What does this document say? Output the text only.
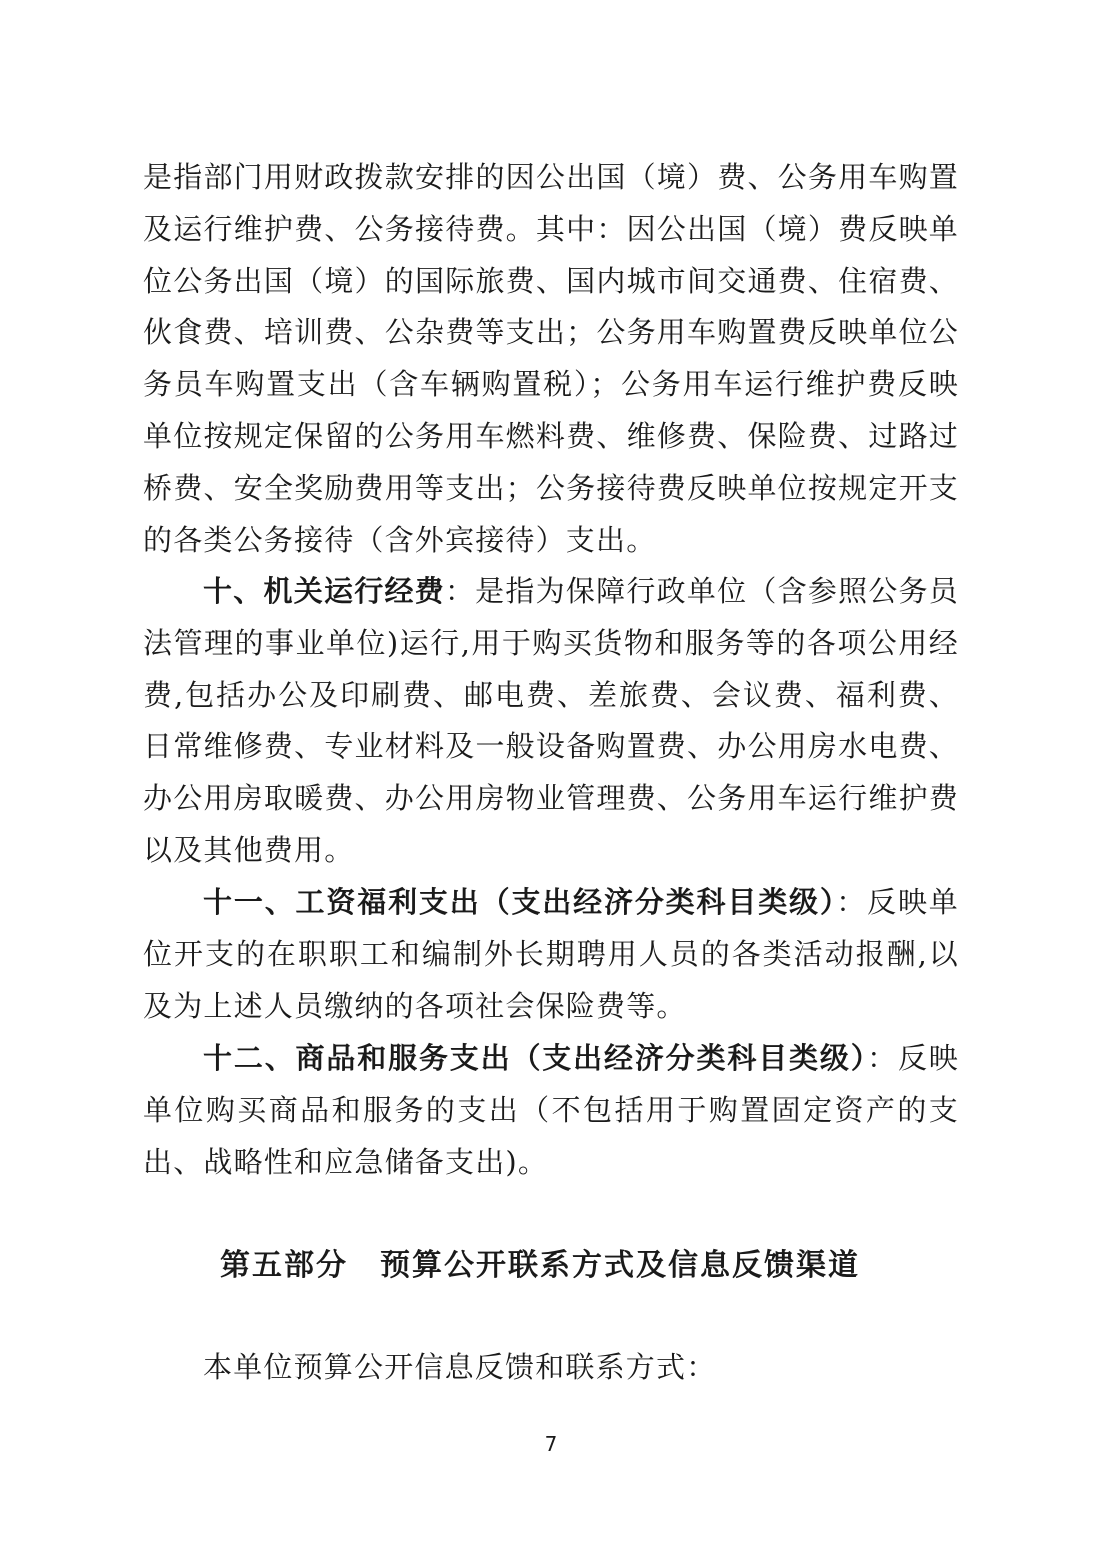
是指部门用财政拨款安排的因公出国（境）费、公务用车购置及运行维护费、公务接待费。其中：因公出国（境）费反映单位公务出国（境）的国际旅费、国内城市间交通费、住宿费、伙食费、培训费、公杂费等支出；公务用车购置费反映单位公务员车购置支出（含车辆购置税）；公务用车运行维护费反映单位按规定保留的公务用车燃料费、维修费、保险费、过路过桥费、安全奖励费用等支出；公务接待费反映单位按规定开支的各类公务接待（含外宾接待）支出。

十、机关运行经费：是指为保障行政单位（含参照公务员法管理的事业单位)运行,用于购买货物和服务等的各项公用经费,包括办公及印刷费、邮电费、差旅费、会议费、福利费、日常维修费、专业材料及一般设备购置费、办公用房水电费、办公用房取暖费、办公用房物业管理费、公务用车运行维护费以及其他费用。

十一、工资福利支出（支出经济分类科目类级）：反映单位开支的在职职工和编制外长期聘用人员的各类活动报酬,以及为上述人员缴纳的各项社会保险费等。

十二、商品和服务支出（支出经济分类科目类级）：反映单位购买商品和服务的支出（不包括用于购置固定资产的支出、战略性和应急储备支出)。

第五部分　预算公开联系方式及信息反馈渠道

本单位预算公开信息反馈和联系方式：

7
